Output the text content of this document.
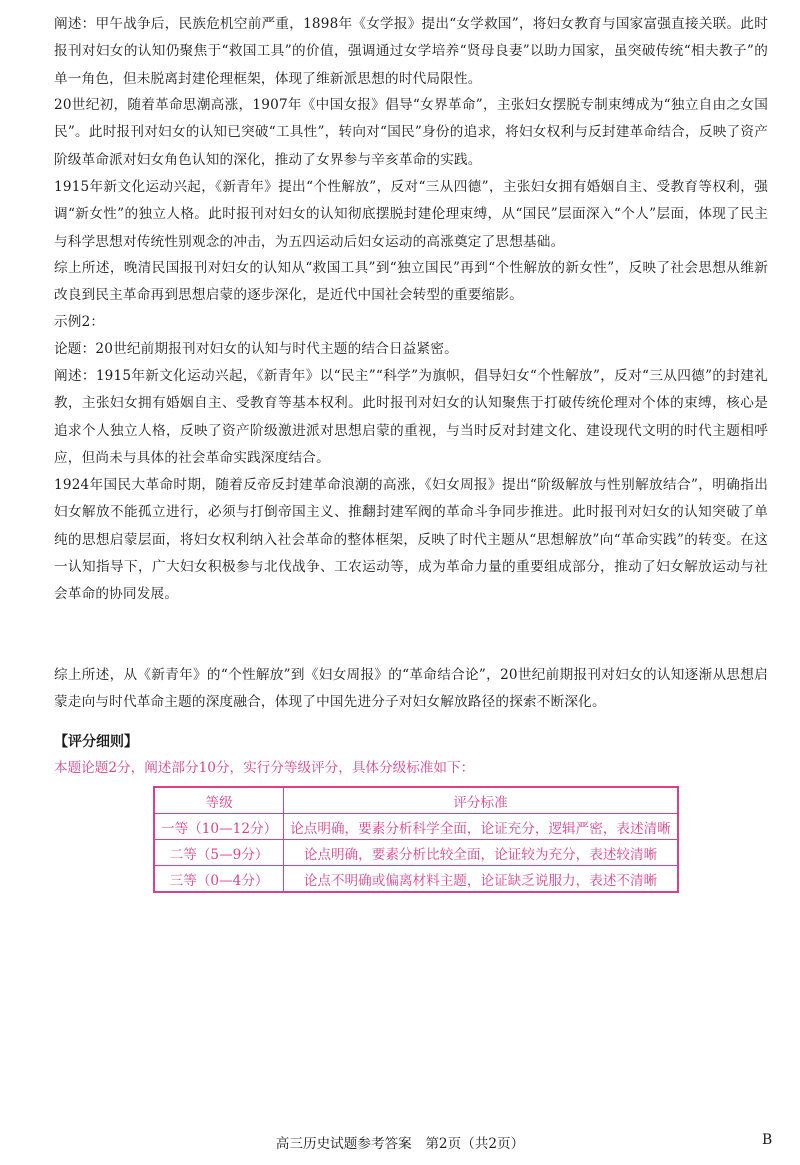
阐述：甲午战争后，民族危机空前严重，1898年《女学报》提出“女学救国”，将妇女教育与国家富强直接关联。此时报刊对妇女的认知仍聚焦于“救国工具”的价值，强调通过女学培养“贤母良妻”以助力国家，虽突破传统“相夫教子”的单一角色，但未脱离封建伦理框架，体现了维新派思想的时代局限性。

20世纪初，随着革命思潮高涨，1907年《中国女报》倡导“女界革命”，主张妇女摆脱专制束缚成为“独立自由之女国民”。此时报刊对妇女的认知已突破“工具性”，转向对“国民”身份的追求，将妇女权利与反封建革命结合，反映了资产阶级革命派对妇女角色认知的深化，推动了女界参与辛亥革命的实践。

1915年新文化运动兴起，《新青年》提出“个性解放”，反对“三从四德”，主张妇女拥有婚姻自主、受教育等权利，强调“新女性”的独立人格。此时报刊对妇女的认知彻底摆脱封建伦理束缚，从“国民”层面深入“个人”层面，体现了民主与科学思想对传统性别观念的冲击，为五四运动后妇女运动的高涨奠定了思想基础。

综上所述，晚清民国报刊对妇女的认知从“救国工具”到“独立国民”再到“个性解放的新女性”，反映了社会思想从维新改良到民主革命再到思想启蒙的逐步深化，是近代中国社会转型的重要缩影。

示例2：

论题：20世纪前期报刊对妇女的认知与时代主题的结合日益紧密。

阐述：1915年新文化运动兴起，《新青年》以“民主”“科学”为旗帜，倡导妇女“个性解放”，反对“三从四德”的封建礼教，主张妇女拥有婚姻自主、受教育等基本权利。此时报刊对妇女的认知聚焦于打破传统伦理对个体的束缚，核心是追求个人独立人格，反映了资产阶级激进派对思想启蒙的重视，与当时反对封建文化、建设现代文明的时代主题相呼应，但尚未与具体的社会革命实践深度结合。

1924年国民大革命时期，随着反帝反封建革命浪潮的高涨，《妇女周报》提出“阶级解放与性别解放结合”，明确指出妇女解放不能孤立进行，必须与打倒帝国主义、推翻封建军阀的革命斗争同步推进。此时报刊对妇女的认知突破了单纯的思想启蒙层面，将妇女权利纳入社会革命的整体框架，反映了时代主题从“思想解放”向“革命实践”的转变。在这一认知指导下，广大妇女积极参与北伐战争、工农运动等，成为革命力量的重要组成部分，推动了妇女解放运动与社会革命的协同发展。

综上所述，从《新青年》的“个性解放”到《妇女周报》的“革命结合论”，20世纪前期报刊对妇女的认知逐渐从思想启蒙走向与时代革命主题的深度融合，体现了中国先进分子对妇女解放路径的探索不断深化。

【评分细则】

本题论题2分，阐述部分10分，实行分等级评分，具体分级标准如下：

等级	评分标准
一等（10—12分）	论点明确，要素分析科学全面，论证充分，逻辑严密，表述清晰
二等（5—9分）	论点明确，要素分析比较全面，论证较为充分，表述较清晰
三等（0—4分）	论点不明确或偏离材料主题，论证缺乏说服力，表述不清晰

高三历史试题参考答案　第2页（共2页）	B
